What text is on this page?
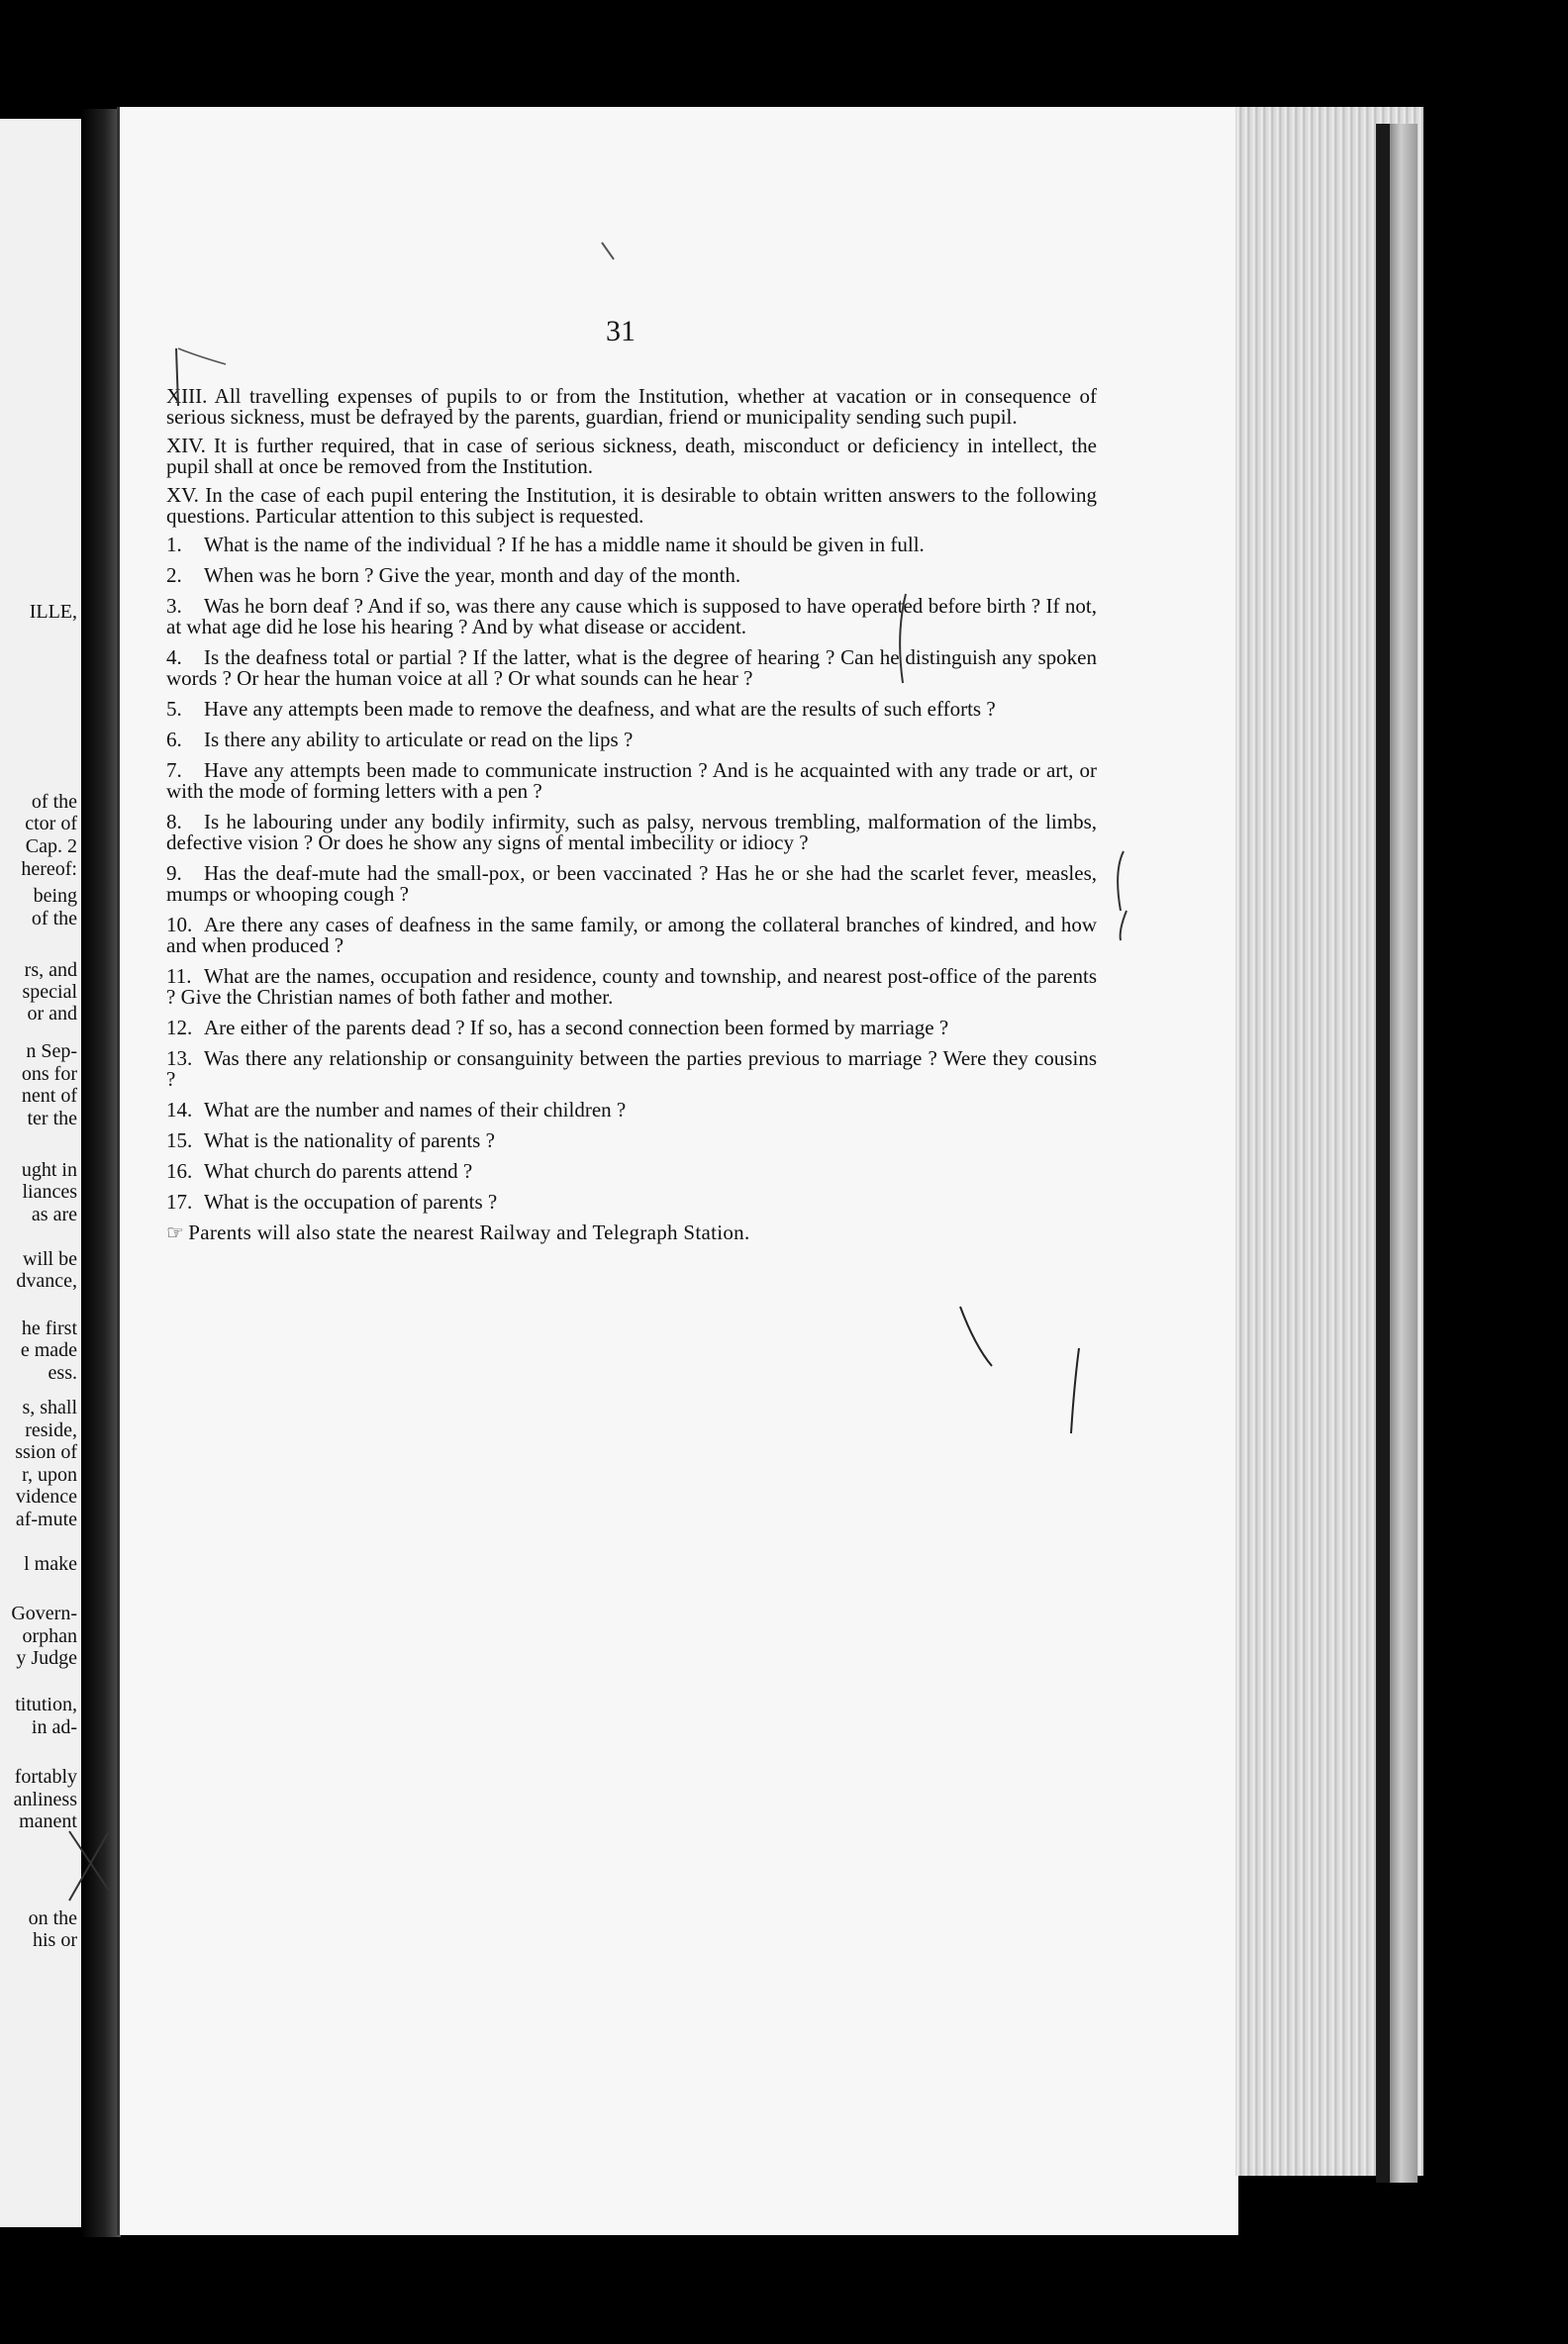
ILLE,
of the
ctor of
Cap. 2
hereof:
being
of the
rs, and
special
or and
n Sep-
ons for
nent of
ter the
ught in
liances
as are
will be
dvance,
he first
e made
ess.
s, shall
reside,
ssion of
r, upon
vidence
af-mute
l make
Govern-
orphan
y Judge
titution,
in ad-
fortably
anliness
manent
on the
his or
31

XIII. All travelling expenses of pupils to or from the Institution, whether at vacation or in consequence of serious sickness, must be defrayed by the parents, guardian, friend or municipality sending such pupil.

XIV. It is further required, that in case of serious sickness, death, misconduct or deficiency in intellect, the pupil shall at once be removed from the Institution.

XV. In the case of each pupil entering the Institution, it is desirable to obtain written answers to the following questions. Particular attention to this subject is requested.

1. What is the name of the individual ? If he has a middle name it should be given in full.

2. When was he born ? Give the year, month and day of the month.

3. Was he born deaf ? And if so, was there any cause which is supposed to have operated before birth ? If not, at what age did he lose his hearing ? And by what disease or accident.

4. Is the deafness total or partial ? If the latter, what is the degree of hearing ? Can he distinguish any spoken words ? Or hear the human voice at all ? Or what sounds can he hear ?

5. Have any attempts been made to remove the deafness, and what are the results of such efforts ?

6. Is there any ability to articulate or read on the lips ?

7. Have any attempts been made to communicate instruction ? And is he acquainted with any trade or art, or with the mode of forming letters with a pen ?

8. Is he labouring under any bodily infirmity, such as palsy, nervous trembling, malformation of the limbs, defective vision ? Or does he show any signs of mental imbecility or idiocy ?

9. Has the deaf-mute had the small-pox, or been vaccinated ? Has he or she had the scarlet fever, measles, mumps or whooping cough ?

10. Are there any cases of deafness in the same family, or among the collateral branches of kindred, and how and when produced ?

11. What are the names, occupation and residence, county and township, and nearest post-office of the parents ? Give the Christian names of both father and mother.

12. Are either of the parents dead ? If so, has a second connection been formed by marriage ?

13. Was there any relationship or consanguinity between the parties previous to marriage ? Were they cousins ?

14. What are the number and names of their children ?

15. What is the nationality of parents ?

16. What church do parents attend ?

17. What is the occupation of parents ?

☞ Parents will also state the nearest Railway and Telegraph Station.
